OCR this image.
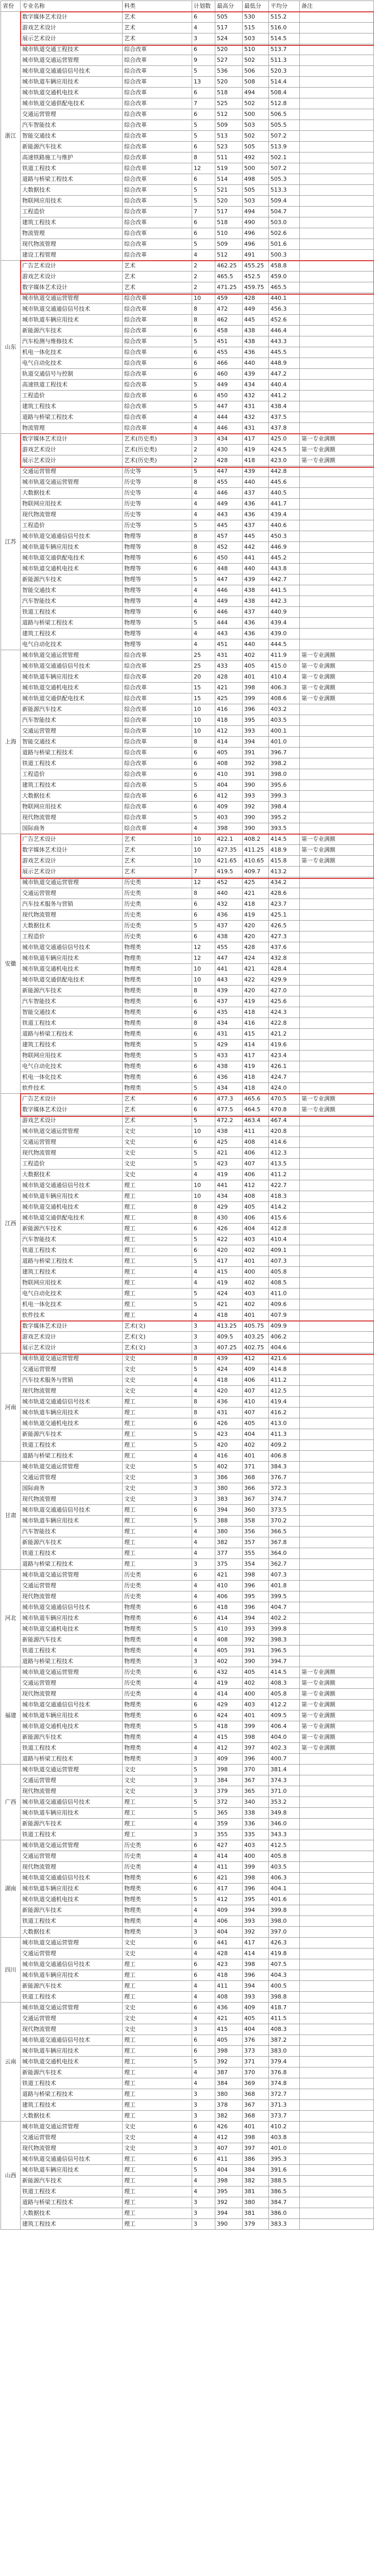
省份	专业名称	科类	计划数	最高分	最低分	平均分	备注
浙江	数字媒体艺术设计	艺术	6	505	530	515.2	
	游戏艺术设计	艺术	4	517	515	516.0	
	展示艺术设计	艺术	3	524	503	514.5	
	城市轨道交通工程技术	综合改革	6	520	510	513.7	
	城市轨道交通运营管理	综合改革	9	527	502	511.3	
	城市轨道交通通信信号技术	综合改革	5	536	506	520.3	
	城市轨道车辆应用技术	综合改革	13	520	508	514.4	
	城市轨道交通机电技术	综合改革	6	518	494	508.4	
	城市轨道交通供配电技术	综合改革	7	525	502	512.8	
	交通运营管理	综合改革	6	512	500	506.5	
	汽车智能技术	综合改革	5	509	503	505.5	
	智能交通技术	综合改革	5	513	502	507.2	
	新能源汽车技术	综合改革	6	523	505	513.9	
	高速铁路施工与维护	综合改革	8	511	492	502.1	
	铁道工程技术	综合改革	12	519	500	507.2	
	道路与桥梁工程技术	综合改革	6	514	498	505.3	
	大数据技术	综合改革	5	521	505	513.3	
	物联网应用技术	综合改革	5	520	503	509.4	
	工程造价	综合改革	7	517	494	504.7	
	建筑工程技术	综合改革	6	518	490	503.0	
	物流管理	综合改革	6	510	496	502.6	
	现代物流管理	综合改革	5	509	496	501.6	
	建设工程管理	综合改革	4	512	491	500.3	
山东	广告艺术设计	艺术	2	462.25	455.25	458.8	
	游戏艺术设计	艺术	2	465.5	452.5	459.0	
	数字媒体艺术设计	艺术	2	471.25	459.75	465.5	
	城市轨道交通运营管理	综合改革	10	459	428	440.1	
	城市轨道交通通信信号技术	综合改革	8	472	449	456.3	
	城市轨道车辆应用技术	综合改革	8	462	445	452.6	
	新能源汽车技术	综合改革	6	458	438	446.4	
	汽车检测与维修技术	综合改革	5	451	438	443.3	
	机电一体化技术	综合改革	6	455	436	445.5	
	电气自动化技术	综合改革	6	466	440	448.9	
	轨道交通信号与控制	综合改革	6	460	439	447.2	
	高速铁道工程技术	综合改革	5	449	434	440.4	
	工程造价	综合改革	6	450	432	441.2	
	建筑工程技术	综合改革	5	447	431	438.4	
	道路与桥梁工程技术	综合改革	4	444	432	437.5	
	物流管理	综合改革	4	446	431	437.8	
江苏	数字媒体艺术设计	艺术(历史类)	3	434	417	425.0	第一专业满额
	游戏艺术设计	艺术(历史类)	2	430	419	424.5	第一专业满额
	展示艺术设计	艺术(历史类)	2	428	418	423.0	第一专业满额
	交通运营管理	历史等	5	447	439	442.8	
	城市轨道交通运营管理	历史等	8	455	440	445.6	
	大数据技术	历史等	4	446	437	440.5	
	物联网应用技术	历史等	4	449	436	441.7	
	现代物流管理	历史等	4	443	436	439.4	
	工程造价	历史等	5	445	437	440.6	
	城市轨道交通通信信号技术	物理等	8	457	445	450.3	
	城市轨道车辆应用技术	物理等	8	452	442	446.9	
	城市轨道交通供配电技术	物理等	6	450	441	445.2	
	城市轨道交通机电技术	物理等	6	448	440	443.8	
	新能源汽车技术	物理等	5	447	439	442.7	
	智能交通技术	物理等	4	446	438	441.5	
	汽车智能技术	物理等	4	449	438	442.3	
	铁道工程技术	物理等	6	446	437	440.9	
	道路与桥梁工程技术	物理等	5	444	436	439.4	
	建筑工程技术	物理等	4	443	436	439.0	
	电气自动化技术	物理等	4	451	440	444.5	
上海	城市轨道交通运营管理	综合改革	25	431	402	411.9	第一专业满额
	城市轨道交通通信信号技术	综合改革	25	433	405	415.0	第一专业满额
	城市轨道车辆应用技术	综合改革	20	428	401	410.4	第一专业满额
	城市轨道交通机电技术	综合改革	15	421	398	406.3	第一专业满额
	城市轨道交通供配电技术	综合改革	15	425	399	408.6	第一专业满额
	新能源汽车技术	综合改革	10	416	396	403.2	
	汽车智能技术	综合改革	10	418	395	403.5	
	交通运营管理	综合改革	10	412	393	400.1	
	智能交通技术	综合改革	8	414	394	401.0	
	道路与桥梁工程技术	综合改革	6	405	391	396.7	
	铁道工程技术	综合改革	6	408	392	398.2	
	工程造价	综合改革	6	410	391	398.0	
	建筑工程技术	综合改革	5	404	390	395.6	
	大数据技术	综合改革	6	412	393	399.3	
	物联网应用技术	综合改革	6	409	392	398.4	
	现代物流管理	综合改革	5	403	390	395.2	
	国际商务	综合改革	4	398	390	393.5	
安徽	广告艺术设计	艺术	10	422.1	408.2	414.5	第一专业满额
	数字媒体艺术设计	艺术	10	427.35	411.25	418.9	第一专业满额
	游戏艺术设计	艺术	10	421.65	410.65	415.8	第一专业满额
	展示艺术设计	艺术	7	419.5	409.7	413.2	
	城市轨道交通运营管理	历史类	12	452	425	434.2	
	交通运营管理	历史类	8	440	421	428.6	
	汽车技术服务与营销	历史类	6	432	418	423.7	
	现代物流管理	历史类	6	436	419	425.1	
	大数据技术	历史类	5	437	420	426.5	
	工程造价	历史类	6	438	420	427.3	
	城市轨道交通通信信号技术	物理类	12	455	428	437.6	
	城市轨道车辆应用技术	物理类	12	447	424	432.8	
	城市轨道交通机电技术	物理类	10	441	421	428.4	
	城市轨道交通供配电技术	物理类	10	443	422	429.9	
	新能源汽车技术	物理类	8	439	420	427.0	
	汽车智能技术	物理类	6	437	419	425.6	
	智能交通技术	物理类	6	435	418	424.3	
	铁道工程技术	物理类	8	434	416	422.8	
	道路与桥梁工程技术	物理类	6	431	415	421.2	
	建筑工程技术	物理类	5	429	414	419.6	
	物联网应用技术	物理类	5	433	417	423.4	
	电气自动化技术	物理类	6	438	419	426.1	
	机电一体化技术	物理类	6	436	418	424.7	
	软件技术	物理类	5	434	418	424.0	
江西	广告艺术设计	艺术	6	477.3	465.6	470.5	第一专业满额
	数字媒体艺术设计	艺术	6	477.5	464.5	470.8	第一专业满额
	游戏艺术设计	艺术	5	472.2	463.4	467.4	
	城市轨道交通运营管理	文史	10	438	411	420.8	
	交通运营管理	文史	6	425	408	414.6	
	现代物流管理	文史	5	421	406	412.3	
	工程造价	文史	5	423	407	413.5	
	大数据技术	文史	4	419	406	411.2	
	城市轨道交通通信信号技术	理工	10	441	412	422.7	
	城市轨道车辆应用技术	理工	10	434	408	418.3	
	城市轨道交通机电技术	理工	8	429	405	414.2	
	城市轨道交通供配电技术	理工	8	430	406	415.6	
	新能源汽车技术	理工	6	426	404	412.8	
	汽车智能技术	理工	5	422	403	410.4	
	铁道工程技术	理工	6	420	402	409.1	
	道路与桥梁工程技术	理工	5	417	401	407.3	
	建筑工程技术	理工	4	415	400	405.8	
	物联网应用技术	理工	4	419	402	408.5	
	电气自动化技术	理工	5	424	403	411.0	
	机电一体化技术	理工	5	421	402	409.6	
	软件技术	理工	4	418	401	407.9	
	数字媒体艺术设计	艺术(文)	3	413.25	405.75	409.9	
	游戏艺术设计	艺术(文)	3	409.5	403.25	406.2	
	展示艺术设计	艺术(文)	3	407.25	402.75	404.6	
河南	城市轨道交通运营管理	文史	8	439	412	421.6	
	交通运营管理	文史	5	424	409	414.8	
	汽车技术服务与营销	文史	4	418	406	411.2	
	现代物流管理	文史	4	420	407	412.5	
	城市轨道交通通信信号技术	理工	8	436	410	419.4	
	城市轨道车辆应用技术	理工	8	431	407	416.2	
	城市轨道交通机电技术	理工	6	426	405	413.0	
	新能源汽车技术	理工	5	423	404	411.3	
	铁道工程技术	理工	5	420	402	409.2	
	道路与桥梁工程技术	理工	4	416	401	406.8	
甘肃	城市轨道交通运营管理	文史	5	402	371	384.3	
	交通运营管理	文史	3	386	368	376.7	
	国际商务	文史	3	380	366	372.3	
	现代物流管理	文史	3	383	367	374.7	
	城市轨道交通通信信号技术	理工	6	394	360	373.5	
	城市轨道车辆应用技术	理工	5	388	358	370.2	
	汽车智能技术	理工	4	380	356	366.5	
	新能源汽车技术	理工	4	382	357	367.8	
	铁道工程技术	理工	4	377	355	364.0	
	道路与桥梁工程技术	理工	3	375	354	362.7	
河北	城市轨道交通运营管理	历史类	6	421	398	407.3	
	交通运营管理	历史类	4	410	396	401.8	
	现代物流管理	历史类	4	406	395	399.5	
	城市轨道交通通信信号技术	物理类	6	418	396	404.7	
	城市轨道车辆应用技术	物理类	6	414	394	402.2	
	城市轨道交通机电技术	物理类	5	410	393	399.8	
	新能源汽车技术	物理类	4	408	392	398.3	
	铁道工程技术	物理类	4	405	391	396.5	
	道路与桥梁工程技术	物理类	3	402	390	394.7	
福建	城市轨道交通运营管理	历史类	6	432	405	414.5	第一专业满额
	交通运营管理	历史类	4	419	402	408.3	第一专业满额
	现代物流管理	历史类	4	414	400	405.8	第一专业满额
	城市轨道交通通信信号技术	物理类	6	429	403	412.2	第一专业满额
	城市轨道车辆应用技术	物理类	6	424	401	409.5	第一专业满额
	城市轨道交通机电技术	物理类	5	418	399	406.4	第一专业满额
	新能源汽车技术	物理类	4	415	398	404.0	第一专业满额
	铁道工程技术	物理类	4	412	397	402.3	第一专业满额
	道路与桥梁工程技术	物理类	3	409	396	400.7	
广西	城市轨道交通运营管理	文史	5	398	370	381.4	
	交通运营管理	文史	3	384	367	374.3	
	现代物流管理	文史	3	379	365	371.0	
	城市轨道交通通信信号技术	理工	5	372	340	353.2	
	城市轨道车辆应用技术	理工	5	365	338	349.8	
	新能源汽车技术	理工	4	359	336	346.0	
	铁道工程技术	理工	3	355	335	343.3	
湖南	城市轨道交通运营管理	历史类	6	427	403	412.5	
	交通运营管理	历史类	4	414	400	405.8	
	现代物流管理	历史类	4	411	399	403.5	
	城市轨道交通通信信号技术	物理类	6	421	398	406.3	
	城市轨道车辆应用技术	物理类	6	417	396	404.1	
	城市轨道交通机电技术	物理类	5	412	395	401.6	
	新能源汽车技术	物理类	4	409	394	399.8	
	铁道工程技术	物理类	4	406	393	398.0	
	大数据技术	物理类	3	404	392	397.0	
四川	城市轨道交通运营管理	文史	6	441	417	426.3	
	交通运营管理	文史	4	428	414	419.8	
	城市轨道交通通信信号技术	理工	6	423	398	407.5	
	城市轨道车辆应用技术	理工	6	418	396	404.3	
	新能源汽车技术	理工	4	411	394	400.5	
	铁道工程技术	理工	4	408	393	398.8	
云南	城市轨道交通运营管理	文史	6	436	409	418.7	
	交通运营管理	文史	4	421	405	411.5	
	现代物流管理	文史	3	415	404	408.3	
	城市轨道交通通信信号技术	理工	6	405	376	387.2	
	城市轨道车辆应用技术	理工	6	398	373	383.0	
	城市轨道交通机电技术	理工	5	392	371	379.4	
	新能源汽车技术	理工	4	387	370	376.8	
	铁道工程技术	理工	4	384	369	374.8	
	道路与桥梁工程技术	理工	3	380	368	372.7	
	建筑工程技术	理工	3	378	367	371.3	
	大数据技术	理工	3	382	368	373.7	
山西	城市轨道交通运营管理	文史	6	426	401	410.2	
	交通运营管理	文史	4	412	398	403.8	
	现代物流管理	文史	3	407	397	401.0	
	城市轨道交通通信信号技术	理工	6	411	386	395.3	
	城市轨道车辆应用技术	理工	5	404	384	391.6	
	新能源汽车技术	理工	4	398	382	388.5	
	铁道工程技术	理工	4	395	381	386.5	
	道路与桥梁工程技术	理工	3	392	380	384.7	
	大数据技术	理工	3	394	381	386.0	
	建筑工程技术	理工	3	390	379	383.3	
